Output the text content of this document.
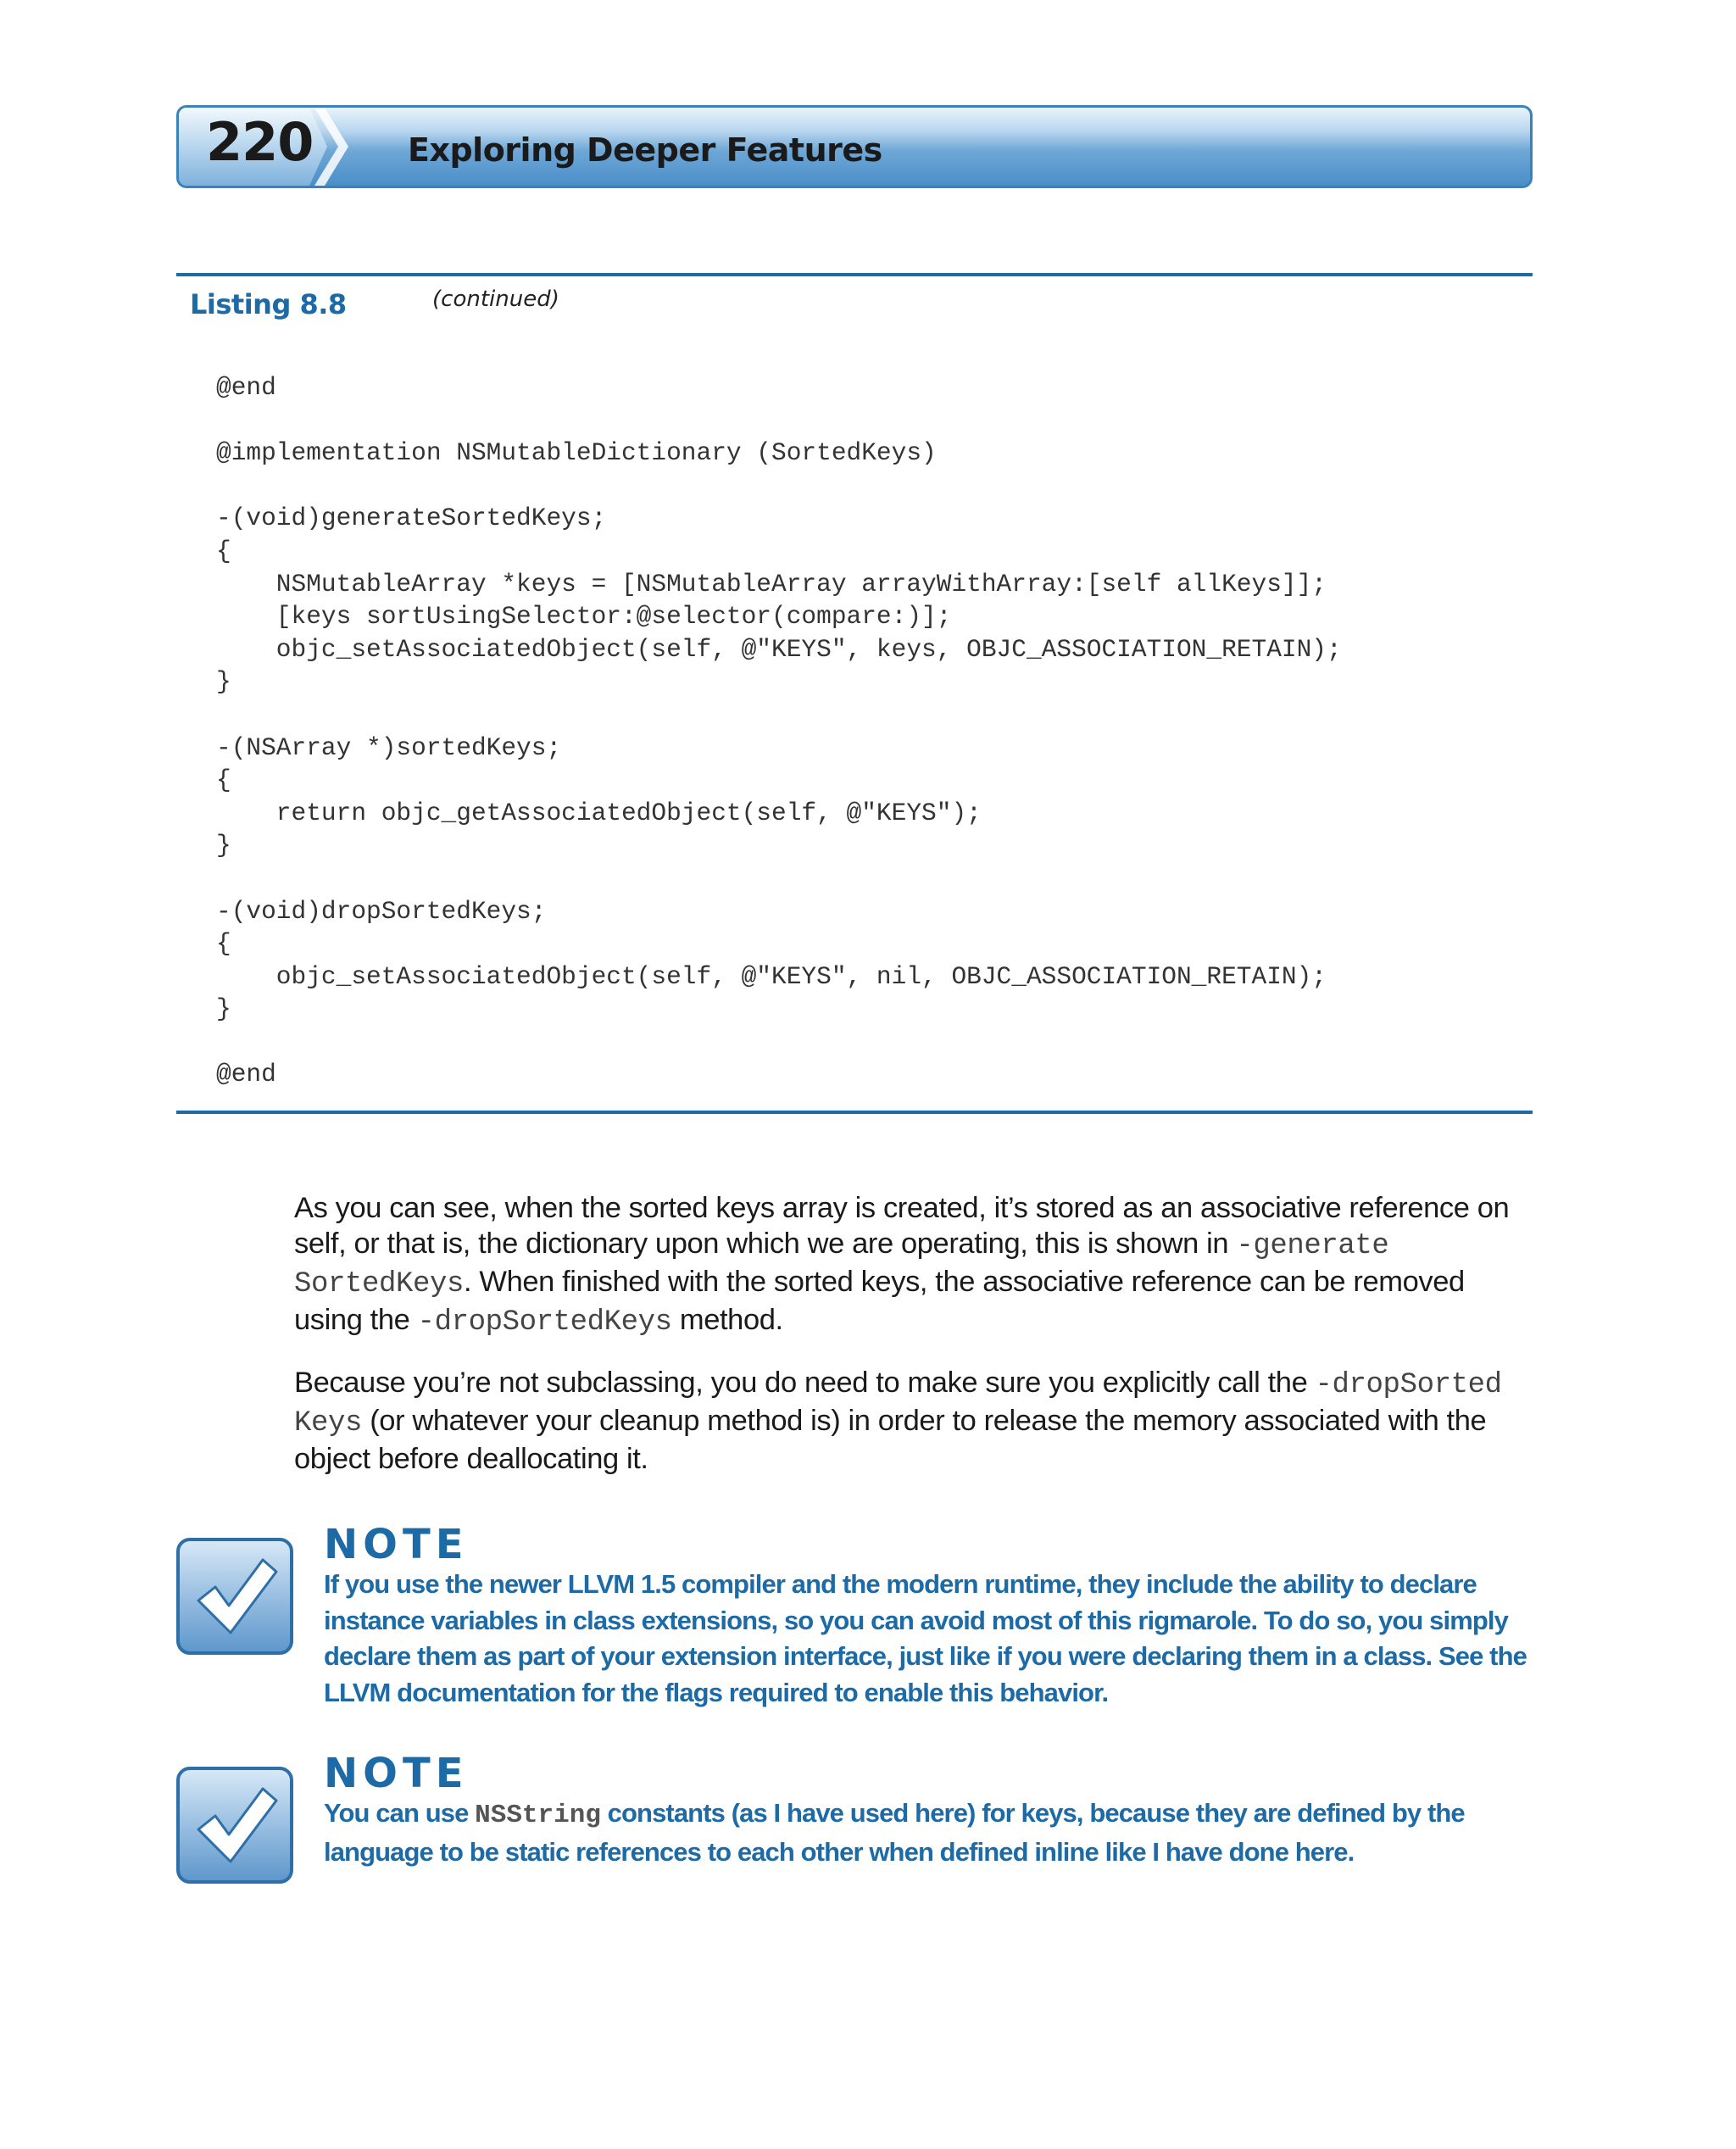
220	Exploring Deeper Features
Listing 8.8	(continued)
@end

@implementation NSMutableDictionary (SortedKeys)

-(void)generateSortedKeys;
{
NSMutableArray *keys = [NSMutableArray arrayWithArray:[self allKeys]];
[keys sortUsingSelector:@selector(compare:)];
objc_setAssociatedObject(self, @"KEYS", keys, OBJC_ASSOCIATION_RETAIN);
}

-(NSArray *)sortedKeys;
{
return objc_getAssociatedObject(self, @"KEYS");
}

-(void)dropSortedKeys;
{
objc_setAssociatedObject(self, @"KEYS", nil, OBJC_ASSOCIATION_RETAIN);
}

@end

As you can see, when the sorted keys array is created, it’s stored as an associative reference on self, or that is, the dictionary upon which we are operating, this is shown in -generate SortedKeys. When finished with the sorted keys, the associative reference can be removed using the -dropSortedKeys method.

Because you’re not subclassing, you do need to make sure you explicitly call the -dropSorted Keys (or whatever your cleanup method is) in order to release the memory associated with the object before deallocating it.

NOTE

If you use the newer LLVM 1.5 compiler and the modern runtime, they include the ability to declare instance variables in class extensions, so you can avoid most of this rigmarole. To do so, you simply declare them as part of your extension interface, just like if you were declaring them in a class. See the LLVM documentation for the flags required to enable this behavior.

NOTE

You can use NSString constants (as I have used here) for keys, because they are defined by the language to be static references to each other when defined inline like I have done here.
